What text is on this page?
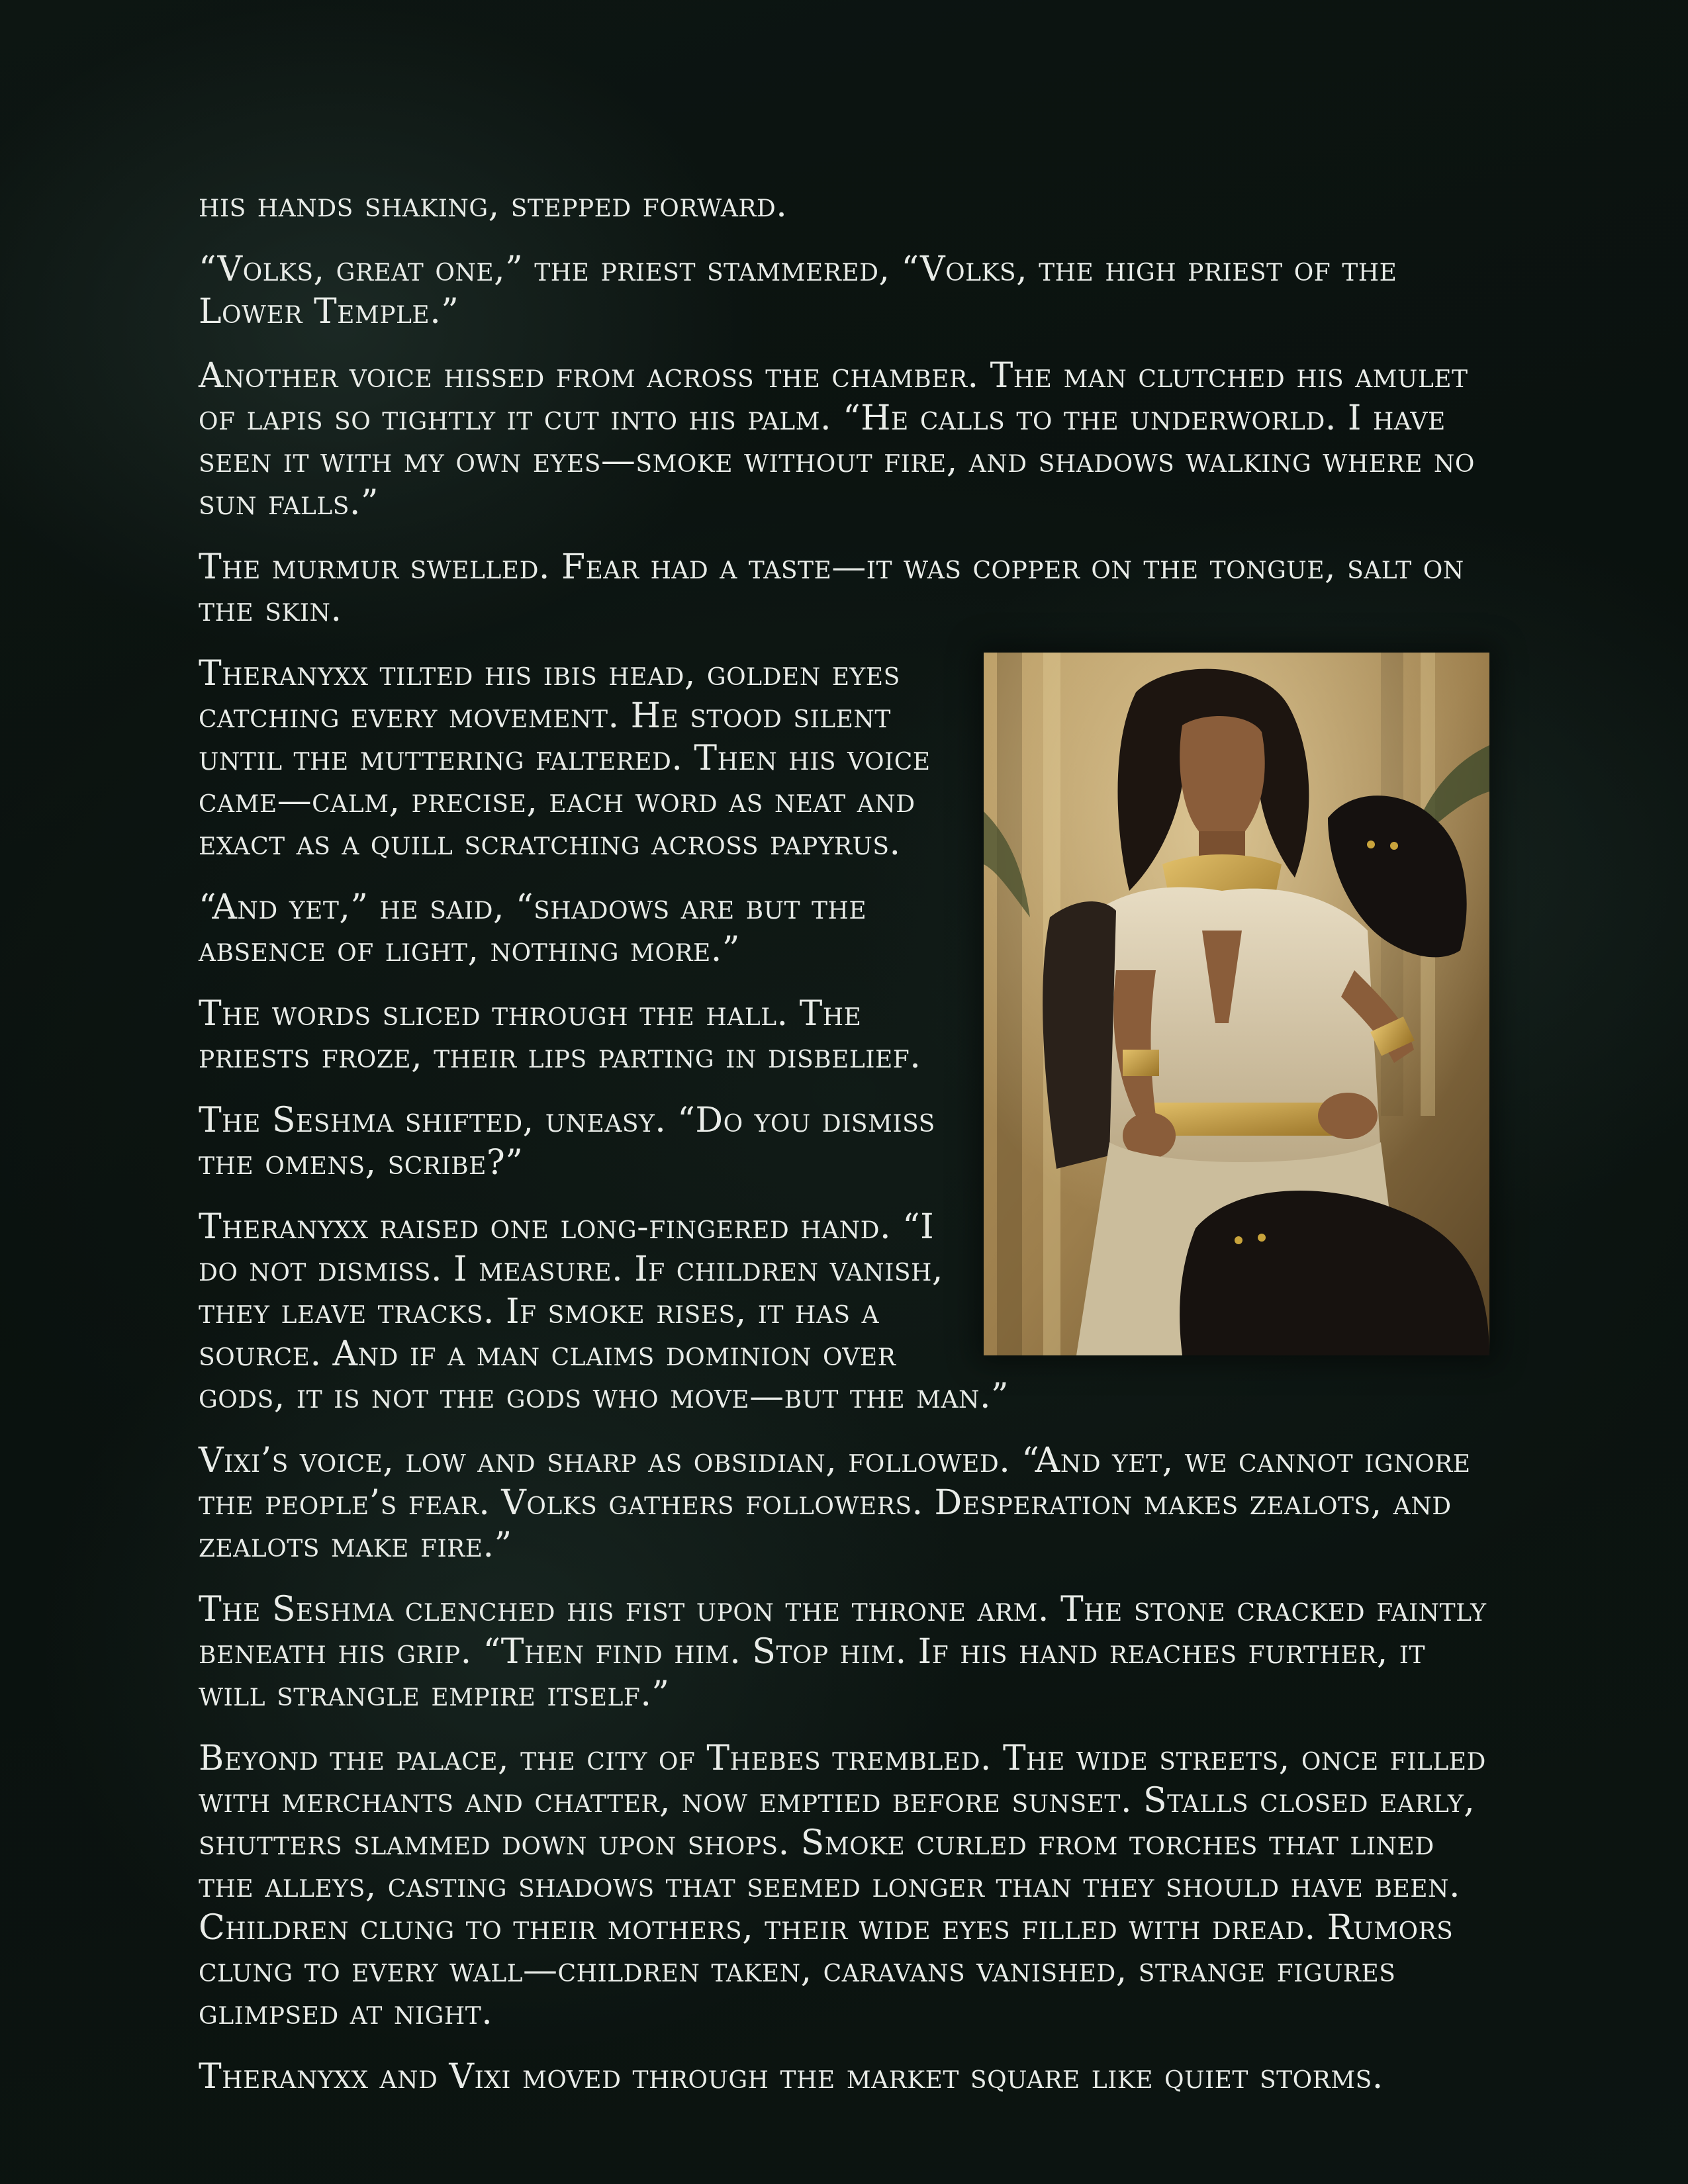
his hands shaking, stepped forward.

“Volks, great one,” the priest stammered, “Volks, the high priest of the Lower Temple.”

Another voice hissed from across the chamber. The man clutched his amulet of lapis so tightly it cut into his palm. “He calls to the underworld. I have seen it with my own eyes—smoke without fire, and shadows walking where no sun falls.”

The murmur swelled. Fear had a taste—it was copper on the tongue, salt on the skin.

Theranyxx tilted his ibis head, golden eyes catching every movement. He stood silent until the muttering faltered. Then his voice came—calm, precise, each word as neat and exact as a quill scratching across papyrus.

“And yet,” he said, “shadows are but the absence of light, nothing more.”

The words sliced through the hall. The priests froze, their lips parting in disbelief.

The Seshma shifted, uneasy. “Do you dismiss the omens, scribe?”

Theranyxx raised one long-fingered hand. “I do not dismiss. I measure. If children vanish, they leave tracks. If smoke rises, it has a source. And if a man claims dominion over gods, it is not the gods who move—but the man.”

Vixi’s voice, low and sharp as obsidian, followed. “And yet, we cannot ignore the people’s fear. Volks gathers followers. Desperation makes zealots, and zealots make fire.”

The Seshma clenched his fist upon the throne arm. The stone cracked faintly beneath his grip. “Then find him. Stop him. If his hand reaches further, it will strangle empire itself.”

Beyond the palace, the city of Thebes trembled. The wide streets, once filled with merchants and chatter, now emptied before sunset. Stalls closed early, shutters slammed down upon shops. Smoke curled from torches that lined the alleys, casting shadows that seemed longer than they should have been. Children clung to their mothers, their wide eyes filled with dread. Rumors clung to every wall—children taken, caravans vanished, strange figures glimpsed at night.

Theranyxx and Vixi moved through the market square like quiet storms.
